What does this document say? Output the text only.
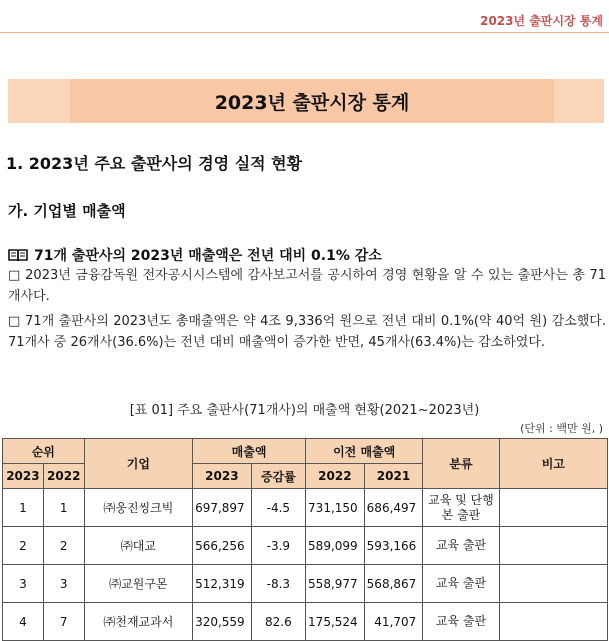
2023년 출판시장 통계
2023년 출판시장 통계
1. 2023년 주요 출판사의 경영 실적 현황
가. 기업별 매출액
71개 출판사의 2023년 매출액은 전년 대비 0.1% 감소
□ 2023년 금융감독원 전자공시시스템에 감사보고서를 공시하여 경영 현황을 알 수 있는 출판사는 총 71개사다.
□ 71개 출판사의 2023년도 총매출액은 약 4조 9,336억 원으로 전년 대비 0.1%(약 40억 원) 감소했다. 71개사 중 26개사(36.6%)는 전년 대비 매출액이 증가한 반면, 45개사(63.4%)는 감소하였다.
[표 01] 주요 출판사(71개사)의 매출액 현황(2021~2023년)
(단위 : 백만 원, )
순위		기업	매출액		이전 매출액		분류	비고
2023	2022		2023	증감률	2022	2021		
1	1	㈜웅진씽크빅	697,897	-4.5	731,150	686,497	교육 및 단행본 출판	
2	2	㈜대교	566,256	-3.9	589,099	593,166	교육 출판	
3	3	㈜교원구몬	512,319	-8.3	558,977	568,867	교육 출판	
4	7	㈜천재교과서	320,559	82.6	175,524	41,707	교육 출판	
